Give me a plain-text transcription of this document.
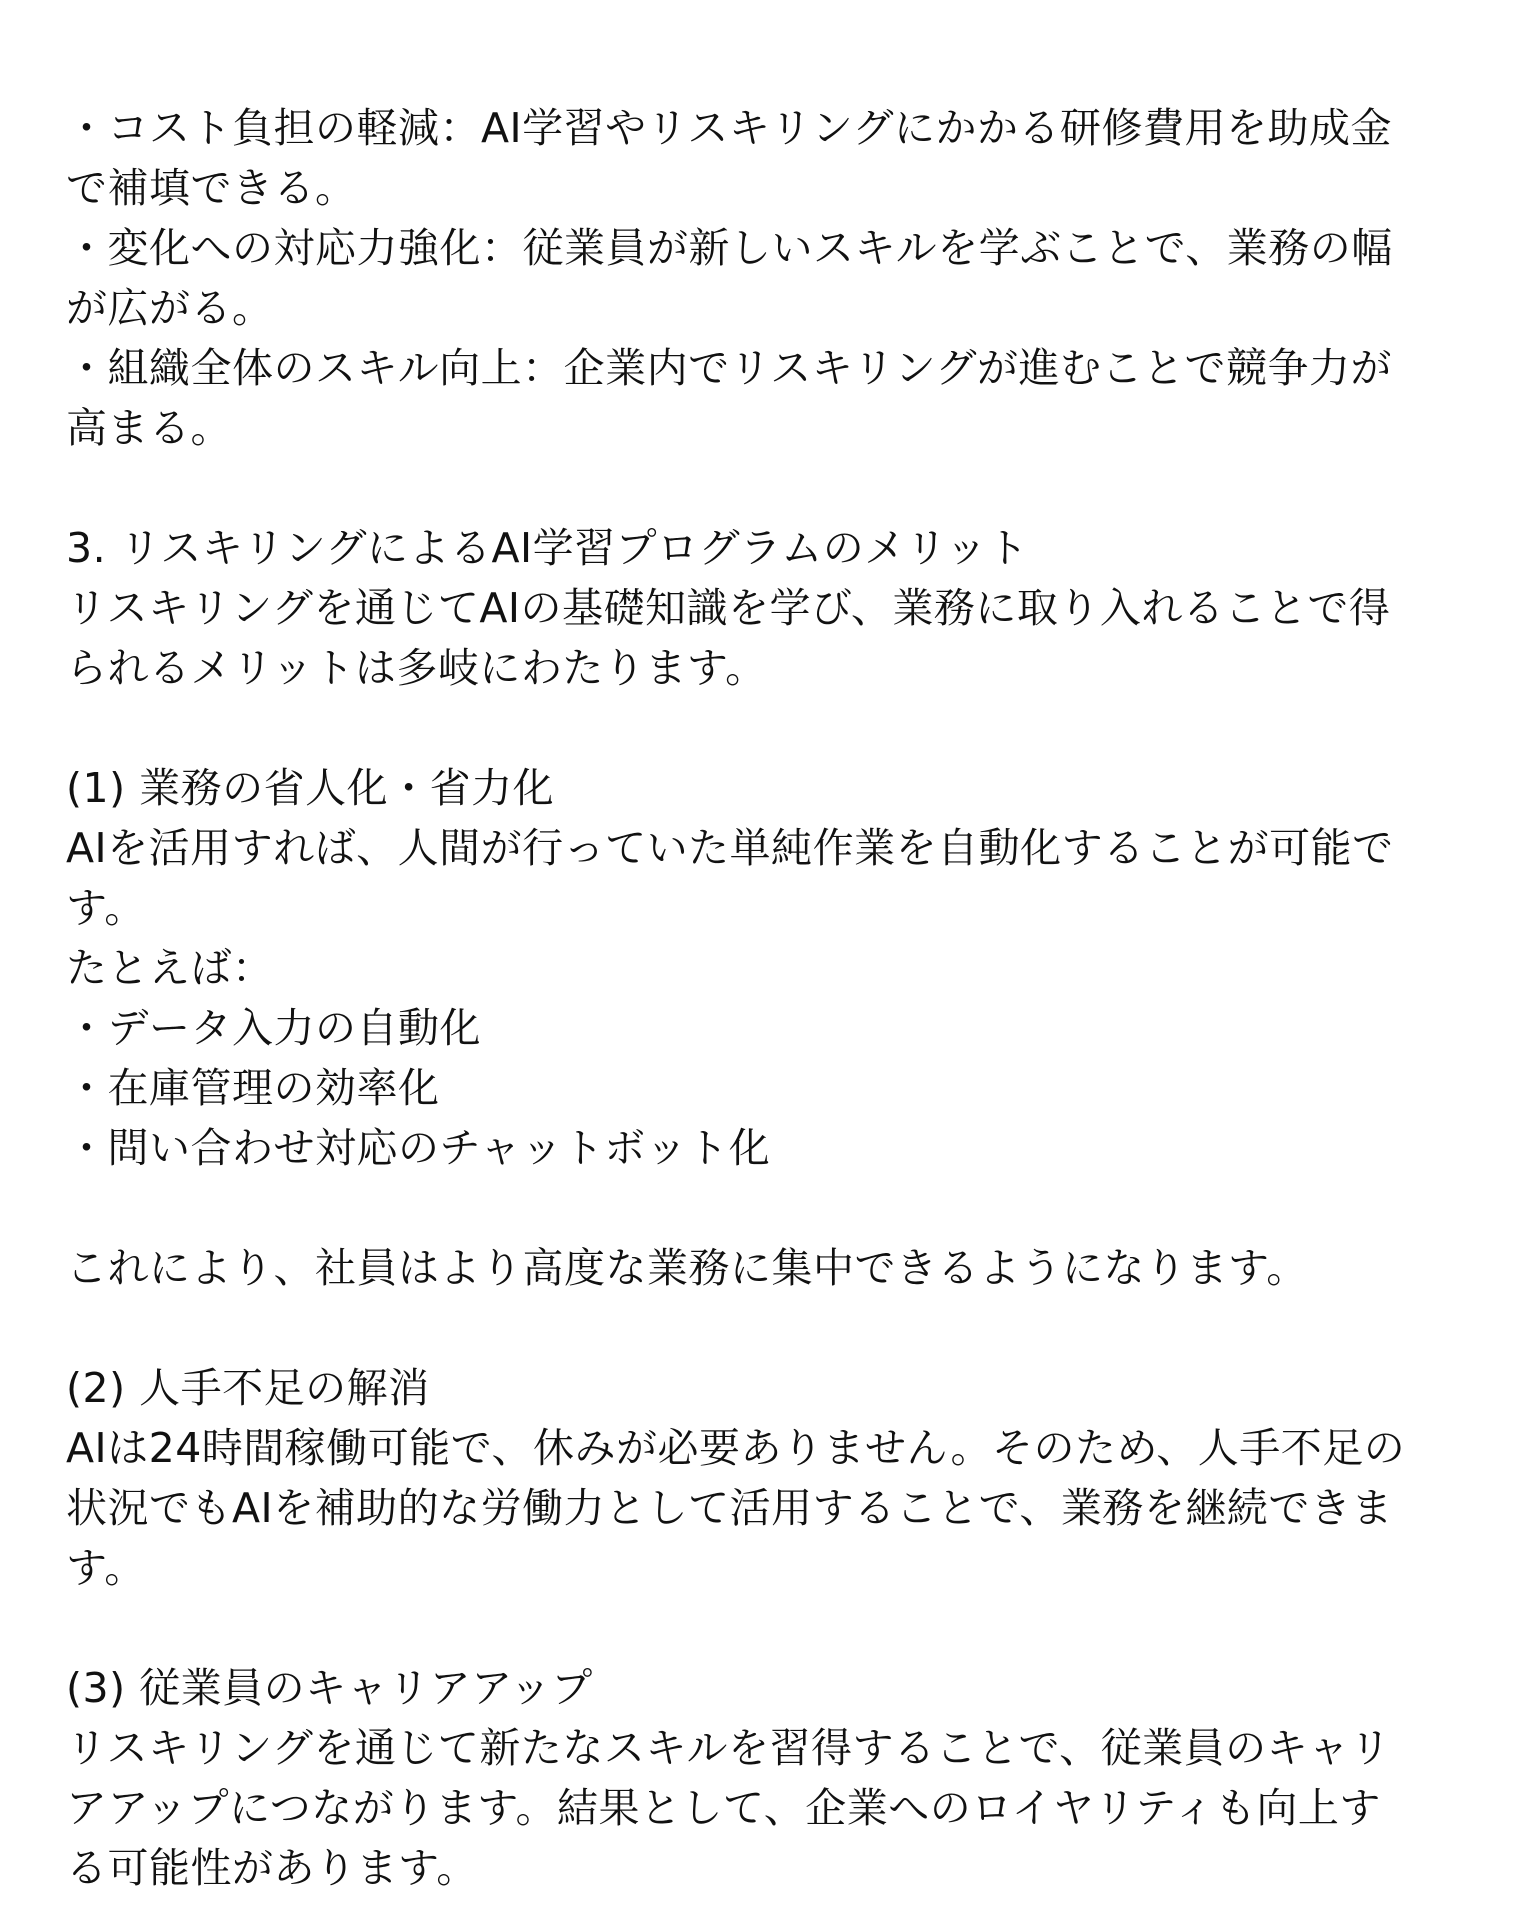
・コスト負担の軽減：AI学習やリスキリングにかかる研修費用を助成金
で補填できる。
・変化への対応力強化：従業員が新しいスキルを学ぶことで、業務の幅
が広がる。
・組織全体のスキル向上：企業内でリスキリングが進むことで競争力が
高まる。
3. リスキリングによるAI学習プログラムのメリット
リスキリングを通じてAIの基礎知識を学び、業務に取り入れることで得
られるメリットは多岐にわたります。
(1) 業務の省人化・省力化
AIを活用すれば、人間が行っていた単純作業を自動化することが可能で
す。
たとえば：
・データ入力の自動化
・在庫管理の効率化
・問い合わせ対応のチャットボット化
これにより、社員はより高度な業務に集中できるようになります。
(2) 人手不足の解消
AIは24時間稼働可能で、休みが必要ありません。そのため、人手不足の
状況でもAIを補助的な労働力として活用することで、業務を継続できま
す。
(3) 従業員のキャリアアップ
リスキリングを通じて新たなスキルを習得することで、従業員のキャリ
アアップにつながります。結果として、企業へのロイヤリティも向上す
る可能性があります。
